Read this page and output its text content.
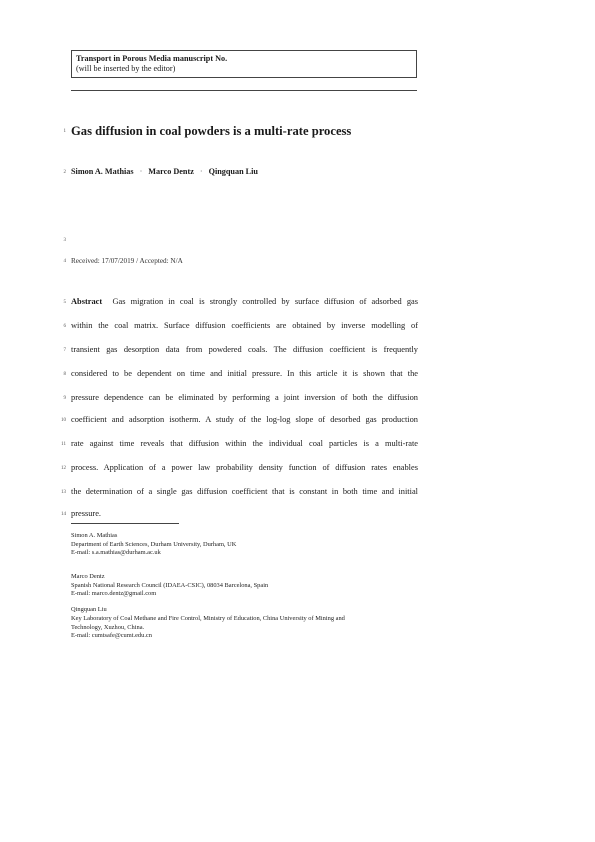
Transport in Porous Media manuscript No.
(will be inserted by the editor)
1
2
3
4
5
6
7
8
9
10
11
12
13
14
Gas diffusion in coal powders is a multi-rate process
Simon A. Mathias · Marco Dentz · Qingquan Liu
Received: 17/07/2019 / Accepted: N/A
Abstract Gas migration in coal is strongly controlled by surface diffusion of adsorbed gas
within the coal matrix. Surface diffusion coefficients are obtained by inverse modelling of
transient gas desorption data from powdered coals. The diffusion coefficient is frequently
considered to be dependent on time and initial pressure. In this article it is shown that the
pressure dependence can be eliminated by performing a joint inversion of both the diffusion
coefficient and adsorption isotherm. A study of the log-log slope of desorbed gas production
rate against time reveals that diffusion within the individual coal particles is a multi-rate
process. Application of a power law probability density function of diffusion rates enables
the determination of a single gas diffusion coefficient that is constant in both time and initial
pressure.
Simon A. Mathias
Department of Earth Sciences, Durham University, Durham, UK
E-mail: s.a.mathias@durham.ac.uk
Marco Dentz
Spanish National Research Council (IDAEA-CSIC), 08034 Barcelona, Spain
E-mail: marco.dentz@gmail.com
Qingquan Liu
Key Laboratory of Coal Methane and Fire Control, Ministry of Education, China University of Mining and
Technology, Xuzhou, China.
E-mail: cumtsafe@cumt.edu.cn
